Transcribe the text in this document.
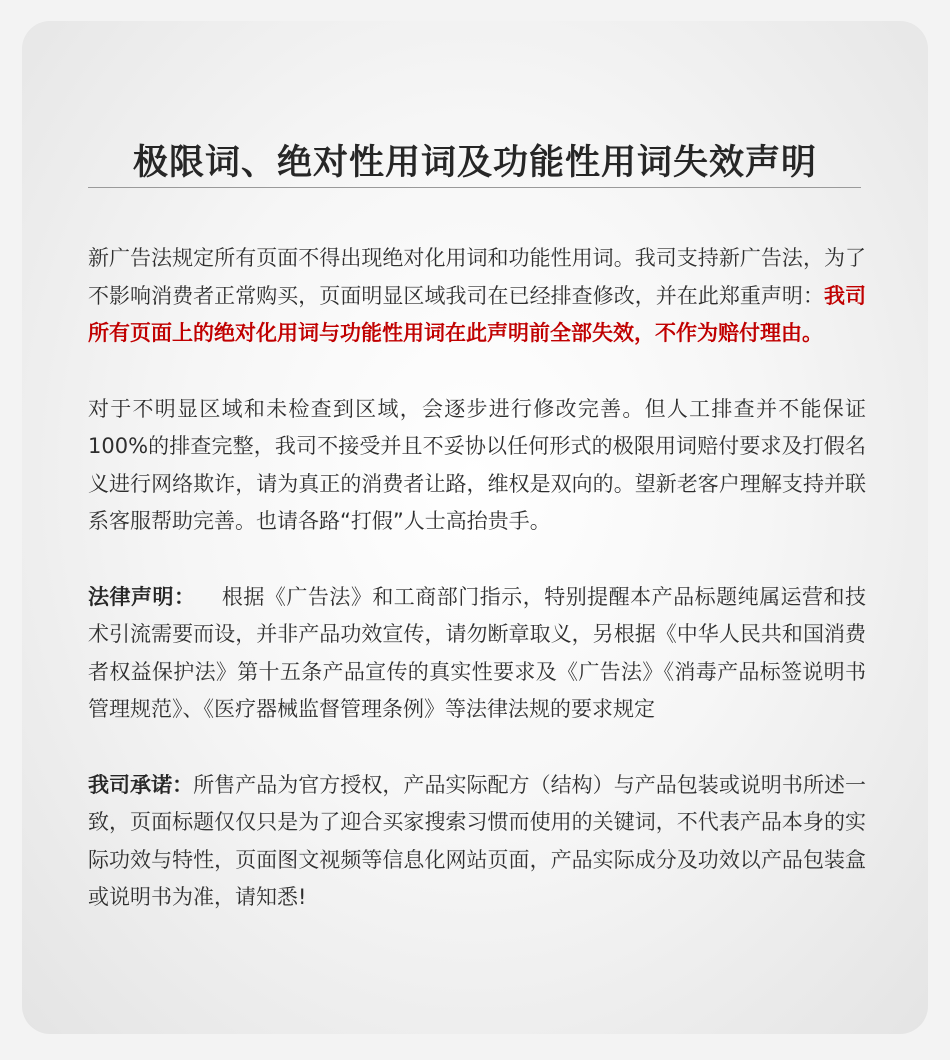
极限词、绝对性用词及功能性用词失效声明

新广告法规定所有页面不得出现绝对化用词和功能性用词。我司支持新广告法，为了不影响消费者正常购买，页面明显区域我司在已经排查修改，并在此郑重声明：我司所有页面上的绝对化用词与功能性用词在此声明前全部失效，不作为赔付理由。

对于不明显区域和未检查到区域，会逐步进行修改完善。但人工排查并不能保证100%的排查完整，我司不接受并且不妥协以任何形式的极限用词赔付要求及打假名义进行网络欺诈，请为真正的消费者让路，维权是双向的。望新老客户理解支持并联系客服帮助完善。也请各路“打假”人士高抬贵手。

法律声明： 根据《广告法》和工商部门指示，特别提醒本产品标题纯属运营和技术引流需要而设，并非产品功效宣传，请勿断章取义，另根据《中华人民共和国消费者权益保护法》第十五条产品宣传的真实性要求及《广告法》《消毒产品标签说明书管理规范》、《医疗器械监督管理条例》等法律法规的要求规定

我司承诺：所售产品为官方授权，产品实际配方（结构）与产品包装或说明书所述一致，页面标题仅仅只是为了迎合买家搜索习惯而使用的关键词，不代表产品本身的实际功效与特性，页面图文视频等信息化网站页面，产品实际成分及功效以产品包装盒或说明书为准，请知悉!
